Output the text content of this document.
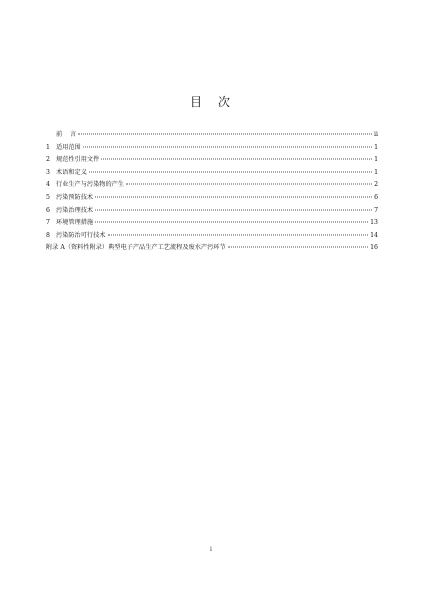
目 次
前    言	ii
1 适用范围	1
2 规范性引用文件	1
3 术语和定义	1
4 行业生产与污染物的产生	2
5 污染预防技术	6
6 污染治理技术	7
7 环境管理措施	13
8 污染防治可行技术	14
附录 A（资料性附录）典型电子产品生产工艺流程及废水产污环节	16
i
